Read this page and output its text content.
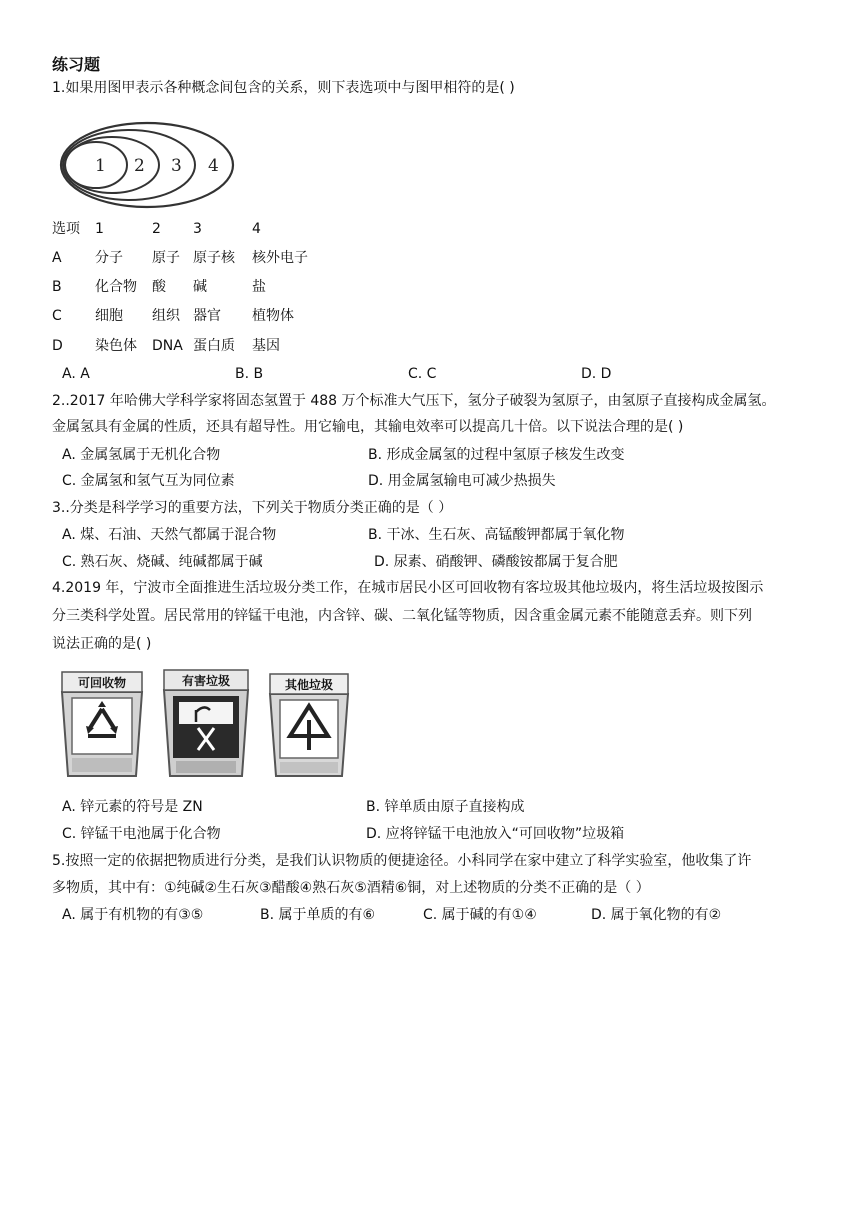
练习题
1.如果用图甲表示各种概念间包含的关系，则下表选项中与图甲相符的是( )
1 2 3 4
选项 1	2 3	4
A 分子 原子 原子核 核外电子
B 化合物 酸 碱	盐
C 细胞 组织 器官 植物体
D 染色体 DNA 蛋白质 基因
A. A	B. B	C. C	D. D
2..2017 年哈佛大学科学家将固态氢置于 488 万个标准大气压下，氢分子破裂为氢原子，由氢原子直接构成金属氢。
金属氢具有金属的性质，还具有超导性。用它输电，其输电效率可以提高几十倍。以下说法合理的是( )
A. 金属氢属于无机化合物	B. 形成金属氢的过程中氢原子核发生改变
C. 金属氢和氢气互为同位素	D. 用金属氢输电可减少热损失
3..分类是科学学习的重要方法，下列关于物质分类正确的是（ ）
A. 煤、石油、天然气都属于混合物	B. 干冰、生石灰、高锰酸钾都属于氧化物
C. 熟石灰、烧碱、纯碱都属于碱	D. 尿素、硝酸钾、磷酸铵都属于复合肥
4.2019 年，宁波市全面推进生活垃圾分类工作，在城市居民小区可回收物有客垃圾其他垃圾内，将生活垃圾按图示
分三类科学处置。居民常用的锌锰干电池，内含锌、碳、二氧化锰等物质，因含重金属元素不能随意丢弃。则下列
说法正确的是( )
可回收物	有害垃圾	其他垃圾
A. 锌元素的符号是 ZN	B. 锌单质由原子直接构成
C. 锌锰干电池属于化合物	D. 应将锌锰干电池放入“可回收物”垃圾箱
5.按照一定的依据把物质进行分类，是我们认识物质的便捷途径。小科同学在家中建立了科学实验室，他收集了许
多物质，其中有：①纯碱②生石灰③醋酸④熟石灰⑤酒精⑥铜，对上述物质的分类不正确的是（ ）
A. 属于有机物的有③⑤	B. 属于单质的有⑥	C. 属于碱的有①④	D. 属于氧化物的有②
